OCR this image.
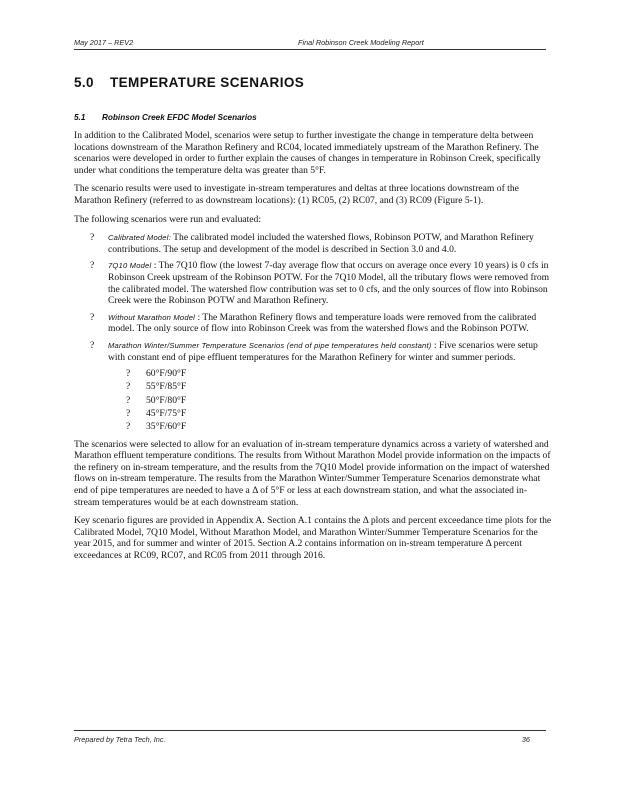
May 2017 – REV2	Final Robinson Creek Modeling Report
5.0 TEMPERATURE SCENARIOS
5.1 Robinson Creek EFDC Model Scenarios

In addition to the Calibrated Model, scenarios were setup to further investigate the change in temperature delta between locations downstream of the Marathon Refinery and RC04, located immediately upstream of the Marathon Refinery. The scenarios were developed in order to further explain the causes of changes in temperature in Robinson Creek, specifically under what conditions the temperature delta was greater than 5°F.

The scenario results were used to investigate in-stream temperatures and deltas at three locations downstream of the Marathon Refinery (referred to as downstream locations): (1) RC05, (2) RC07, and (3) RC09 (Figure 5-1).

The following scenarios were run and evaluated:

? Calibrated Model: The calibrated model included the watershed flows, Robinson POTW, and Marathon Refinery contributions. The setup and development of the model is described in Section 3.0 and 4.0.
? 7Q10 Model : The 7Q10 flow (the lowest 7-day average flow that occurs on average once every 10 years) is 0 cfs in Robinson Creek upstream of the Robinson POTW. For the 7Q10 Model, all the tributary flows were removed from the calibrated model. The watershed flow contribution was set to 0 cfs, and the only sources of flow into Robinson Creek were the Robinson POTW and Marathon Refinery.
? Without Marathon Model : The Marathon Refinery flows and temperature loads were removed from the calibrated model. The only source of flow into Robinson Creek was from the watershed flows and the Robinson POTW.
? Marathon Winter/Summer Temperature Scenarios (end of pipe temperatures held constant) : Five scenarios were setup with constant end of pipe effluent temperatures for the Marathon Refinery for winter and summer periods.
? 60°F/90°F
? 55°F/85°F
? 50°F/80°F
? 45°F/75°F
? 35°F/60°F

The scenarios were selected to allow for an evaluation of in-stream temperature dynamics across a variety of watershed and Marathon effluent temperature conditions. The results from Without Marathon Model provide information on the impacts of the refinery on in-stream temperature, and the results from the 7Q10 Model provide information on the impact of watershed flows on in-stream temperature. The results from the Marathon Winter/Summer Temperature Scenarios demonstrate what end of pipe temperatures are needed to have a Δ of 5°F or less at each downstream station, and what the associated in-stream temperatures would be at each downstream station.

Key scenario figures are provided in Appendix A. Section A.1 contains the Δ plots and percent exceedance time plots for the Calibrated Model, 7Q10 Model, Without Marathon Model, and Marathon Winter/Summer Temperature Scenarios for the year 2015, and for summer and winter of 2015. Section A.2 contains information on in-stream temperature Δ percent exceedances at RC09, RC07, and RC05 from 2011 through 2016.

Prepared by Tetra Tech, Inc.	36
